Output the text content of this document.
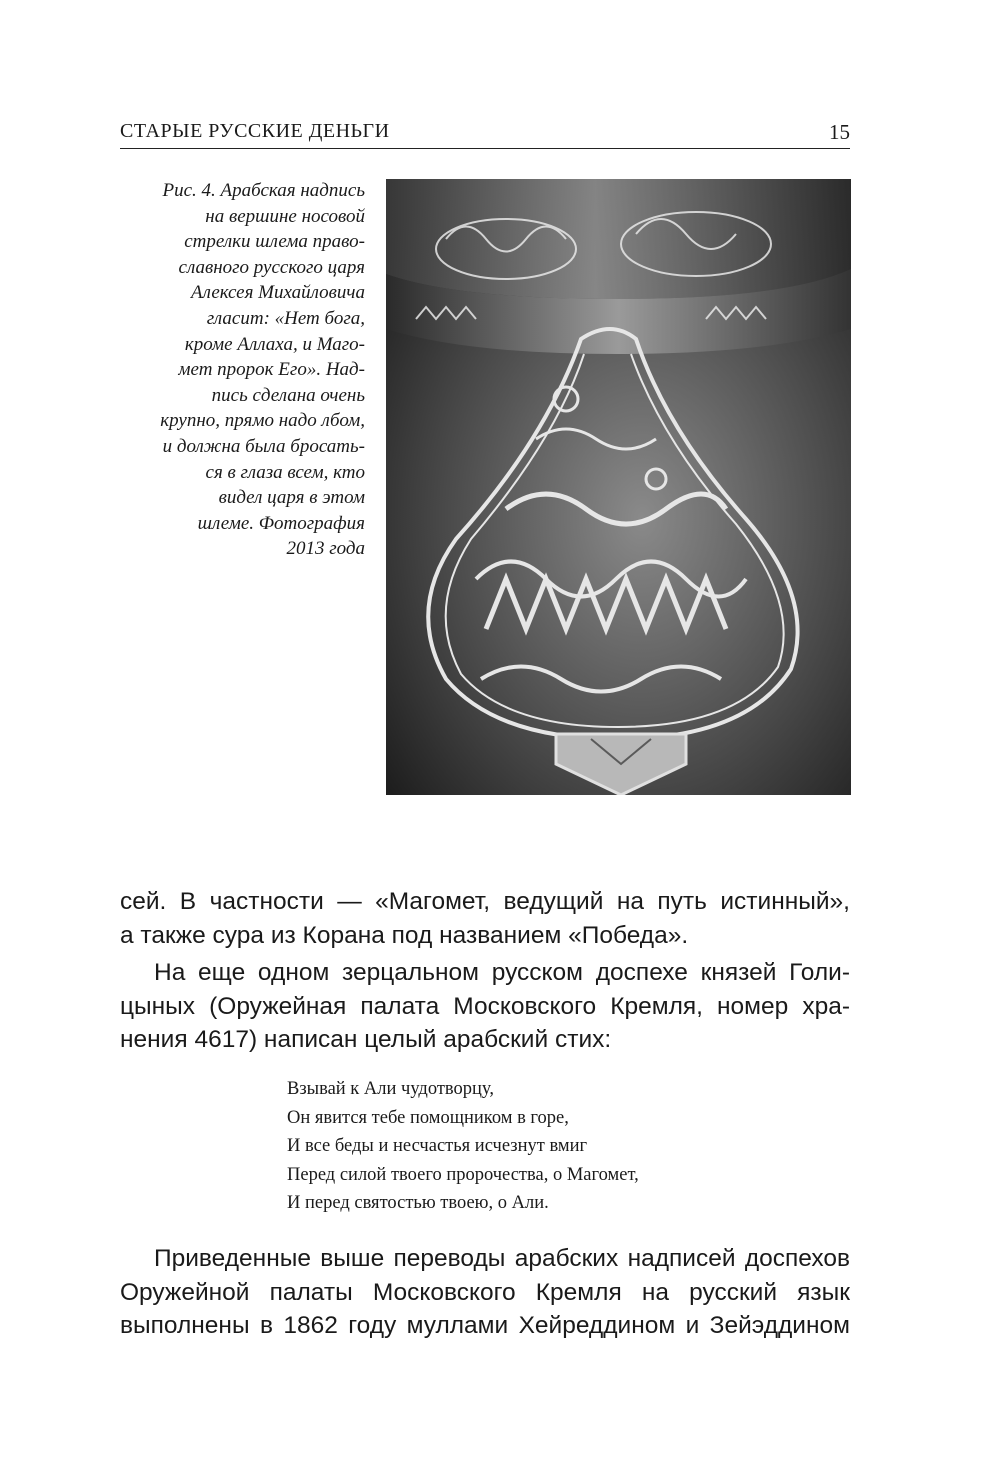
СТАРЫЕ РУССКИЕ ДЕНЬГИ	15
Рис. 4. Арабская надпись
на вершине носовой
стрелки шлема право-
славного русского царя
Алексея Михайловича
гласит: «Нет бога,
кроме Аллаха, и Маго-
мет пророк Его». Над-
пись сделана очень
крупно, прямо надо лбом,
и должна была бросать-
ся в глаза всем, кто
видел царя в этом
шлеме. Фотография
2013 года
сей. В частности — «Магомет, ведущий на путь истинный»,
а также сура из Корана под названием «Победа».
На еще одном зерцальном русском доспехе князей Голи-
цыных (Оружейная палата Московского Кремля, номер хра-
нения 4617) написан целый арабский стих:
Взывай к Али чудотворцу,
Он явится тебе помощником в горе,
И все беды и несчастья исчезнут вмиг
Перед силой твоего пророчества, о Магомет,
И перед святостью твоею, о Али.
Приведенные выше переводы арабских надписей доспехов
Оружейной палаты Московского Кремля на русский язык
выполнены в 1862 году муллами Хейреддином и Зейэддином
